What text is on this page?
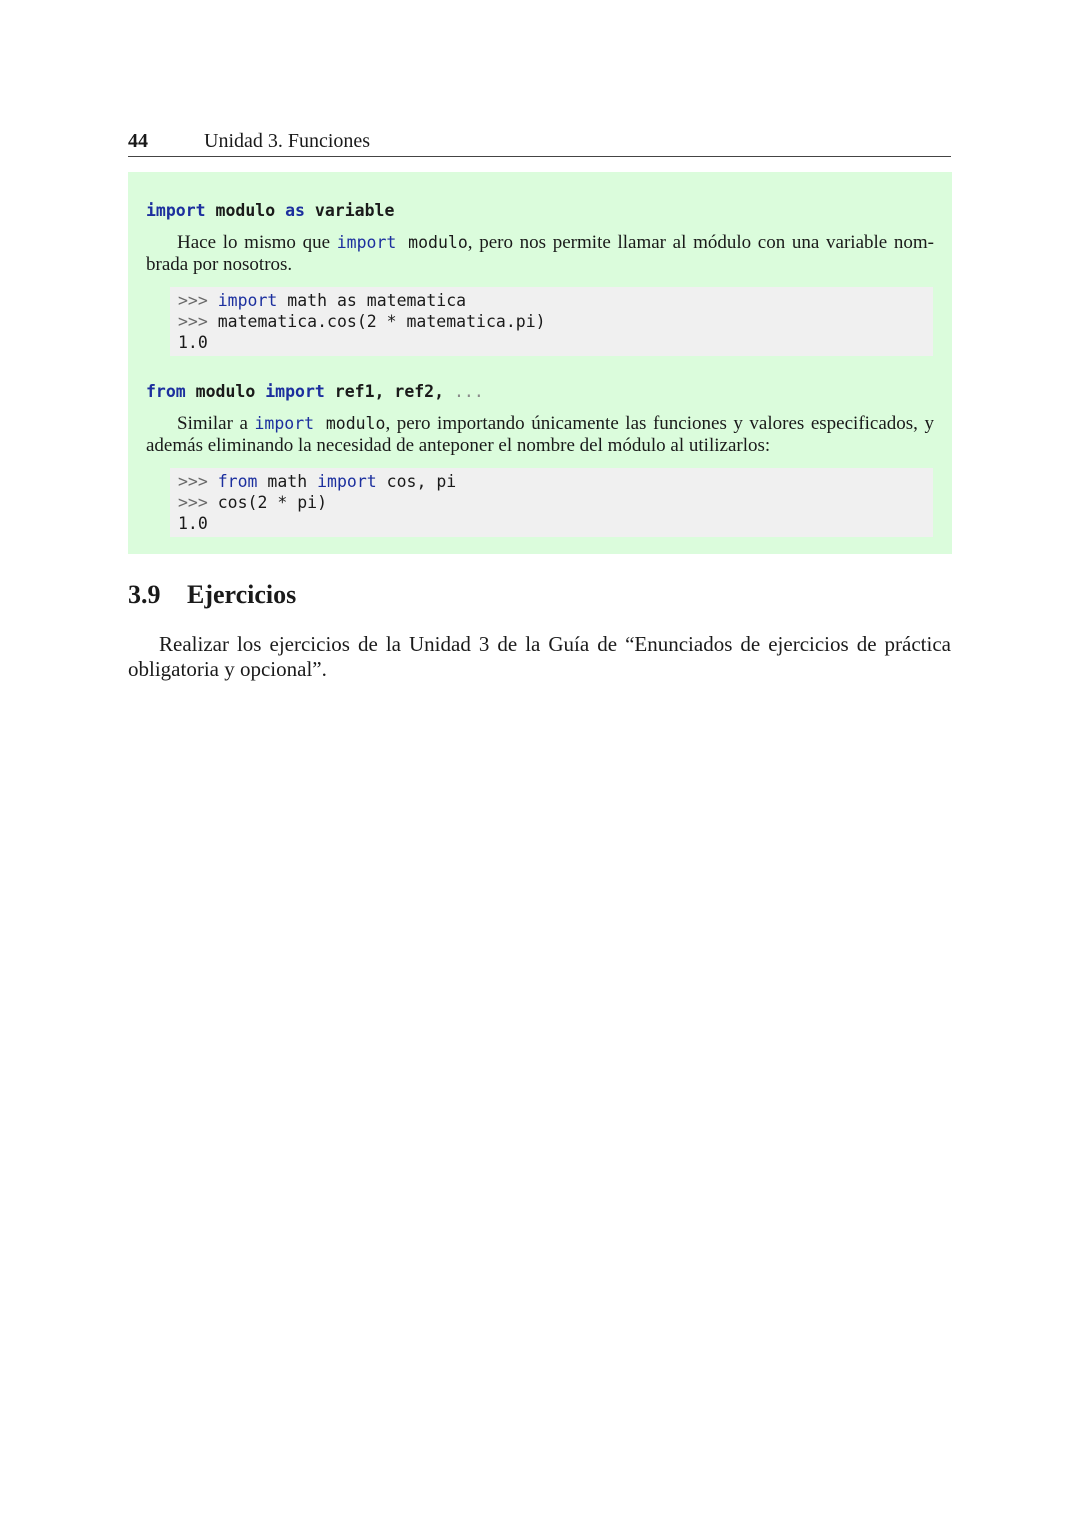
44	Unidad 3. Funciones
import modulo as variable
Hace lo mismo que import modulo, pero nos permite llamar al módulo con una variable nom-
brada por nosotros.
>>> import math as matematica
>>> matematica.cos(2 * matematica.pi)
1.0
from modulo import ref1, ref2, ...
Similar a import modulo, pero importando únicamente las funciones y valores especificados, y
además eliminando la necesidad de anteponer el nombre del módulo al utilizarlos:
>>> from math import cos, pi
>>> cos(2 * pi)
1.0
3.9 Ejercicios
Realizar los ejercicios de la Unidad 3 de la Guía de “Enunciados de ejercicios de práctica
obligatoria y opcional”.
